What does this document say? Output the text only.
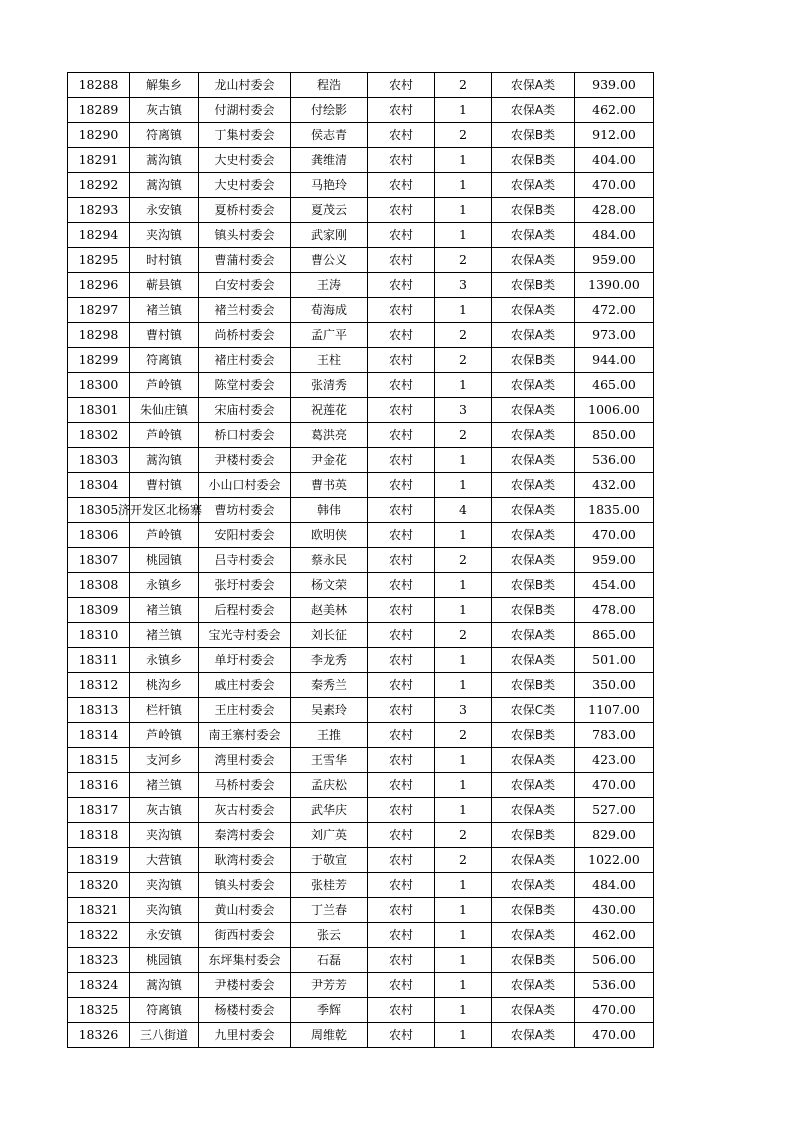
18288	解集乡	龙山村委会	程浩	农村	2	农保A类	939.00
18289	灰古镇	付湖村委会	付绘影	农村	1	农保A类	462.00
18290	符离镇	丁集村委会	侯志青	农村	2	农保B类	912.00
18291	蒿沟镇	大史村委会	龚维清	农村	1	农保B类	404.00
18292	蒿沟镇	大史村委会	马艳玲	农村	1	农保A类	470.00
18293	永安镇	夏桥村委会	夏茂云	农村	1	农保B类	428.00
18294	夹沟镇	镇头村委会	武家刚	农村	1	农保A类	484.00
18295	时村镇	曹蒲村委会	曹公义	农村	2	农保A类	959.00
18296	蕲县镇	白安村委会	王涛	农村	3	农保B类	1390.00
18297	褚兰镇	褚兰村委会	荀海成	农村	1	农保A类	472.00
18298	曹村镇	尚桥村委会	孟广平	农村	2	农保A类	973.00
18299	符离镇	褚庄村委会	王柱	农村	2	农保B类	944.00
18300	芦岭镇	陈堂村委会	张清秀	农村	1	农保A类	465.00
18301	朱仙庄镇	宋庙村委会	祝莲花	农村	3	农保A类	1006.00
18302	芦岭镇	桥口村委会	葛洪亮	农村	2	农保A类	850.00
18303	蒿沟镇	尹楼村委会	尹金花	农村	1	农保A类	536.00
18304	曹村镇	小山口村委会	曹书英	农村	1	农保A类	432.00
18305	济开发区北杨寨	曹坊村委会	韩伟	农村	4	农保A类	1835.00
18306	芦岭镇	安阳村委会	欧明侠	农村	1	农保A类	470.00
18307	桃园镇	吕寺村委会	蔡永民	农村	2	农保A类	959.00
18308	永镇乡	张圩村委会	杨文荣	农村	1	农保B类	454.00
18309	褚兰镇	后程村委会	赵美林	农村	1	农保B类	478.00
18310	褚兰镇	宝光寺村委会	刘长征	农村	2	农保A类	865.00
18311	永镇乡	单圩村委会	李龙秀	农村	1	农保A类	501.00
18312	桃沟乡	戚庄村委会	秦秀兰	农村	1	农保B类	350.00
18313	栏杆镇	王庄村委会	吴素玲	农村	3	农保C类	1107.00
18314	芦岭镇	南王寨村委会	王推	农村	2	农保B类	783.00
18315	支河乡	湾里村委会	王雪华	农村	1	农保A类	423.00
18316	褚兰镇	马桥村委会	孟庆松	农村	1	农保A类	470.00
18317	灰古镇	灰古村委会	武华庆	农村	1	农保A类	527.00
18318	夹沟镇	秦湾村委会	刘广英	农村	2	农保B类	829.00
18319	大营镇	耿湾村委会	于敬宣	农村	2	农保A类	1022.00
18320	夹沟镇	镇头村委会	张桂芳	农村	1	农保A类	484.00
18321	夹沟镇	黄山村委会	丁兰春	农村	1	农保B类	430.00
18322	永安镇	街西村委会	张云	农村	1	农保A类	462.00
18323	桃园镇	东坪集村委会	石磊	农村	1	农保B类	506.00
18324	蒿沟镇	尹楼村委会	尹芳芳	农村	1	农保A类	536.00
18325	符离镇	杨楼村委会	季辉	农村	1	农保A类	470.00
18326	三八街道	九里村委会	周维乾	农村	1	农保A类	470.00
